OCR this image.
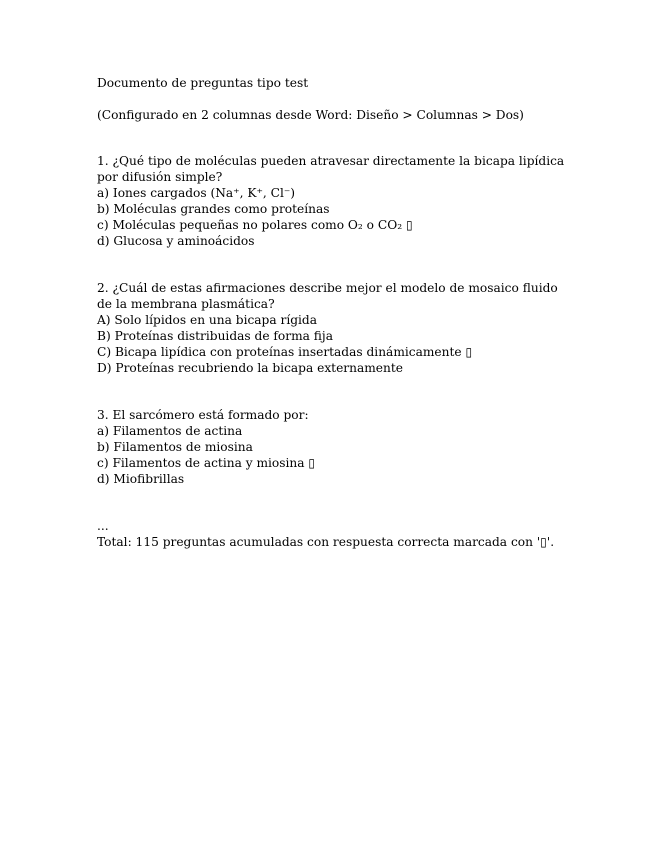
Documento de preguntas tipo test
(Configurado en 2 columnas desde Word: Diseño > Columnas > Dos)
1. ¿Qué tipo de moléculas pueden atravesar directamente la bicapa lipídica por difusión simple?
a) Iones cargados (Na⁺, K⁺, Cl⁻)
b) Moléculas grandes como proteínas
c) Moléculas pequeñas no polares como O₂ o CO₂ ▯
d) Glucosa y aminoácidos
2. ¿Cuál de estas afirmaciones describe mejor el modelo de mosaico fluido de la membrana plasmática?
A) Solo lípidos en una bicapa rígida
B) Proteínas distribuidas de forma fija
C) Bicapa lipídica con proteínas insertadas dinámicamente ▯
D) Proteínas recubriendo la bicapa externamente
3. El sarcómero está formado por:
a) Filamentos de actina
b) Filamentos de miosina
c) Filamentos de actina y miosina ▯
d) Miofibrillas
...
Total: 115 preguntas acumuladas con respuesta correcta marcada con '▯'.
